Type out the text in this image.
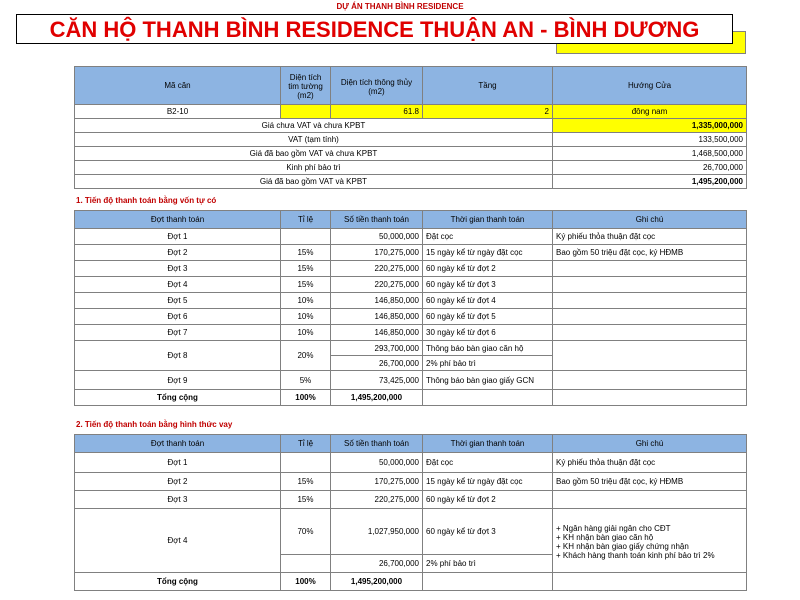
DỰ ÁN THANH BÌNH RESIDENCE
CĂN HỘ THANH BÌNH RESIDENCE THUẬN AN - BÌNH DƯƠNG
Mã căn	Diện tích tim tường (m2)	Diện tích thông thủy (m2)	Tầng	Hướng Cửa
B2-10		61.8	2	đông nam
Giá chưa VAT và chưa KPBT				1,335,000,000
VAT (tạm tính)				133,500,000
Giá đã bao gồm VAT và chưa KPBT				1,468,500,000
Kinh phí bảo trì				26,700,000
Giá đã bao gồm VAT và KPBT				1,495,200,000
1. Tiến độ thanh toán bằng vốn tự có
Đợt thanh toán	Tỉ lệ	Số tiền thanh toán	Thời gian thanh toán	Ghi chú
Đợt 1		50,000,000	Đặt cọc	Ký phiếu thỏa thuận đặt cọc
Đợt 2	15%	170,275,000	15 ngày kể từ ngày đặt cọc	Bao gồm 50 triệu đặt cọc, ký HĐMB
Đợt 3	15%	220,275,000	60 ngày kể từ đợt 2	
Đợt 4	15%	220,275,000	60 ngày kể từ đợt 3	
Đợt 5	10%	146,850,000	60 ngày kể từ đợt 4	
Đợt 6	10%	146,850,000	60 ngày kể từ đợt 5	
Đợt 7	10%	146,850,000	30 ngày kể từ đợt 6	
Đợt 8	20%	293,700,000	Thông báo bàn giao căn hộ	
		26,700,000	2% phí bảo trì	
Đợt 9	5%	73,425,000	Thông báo bàn giao giấy GCN	
Tổng cộng	100%	1,495,200,000		
2. Tiến độ thanh toán bằng hình thức vay
Đợt thanh toán	Tỉ lệ	Số tiền thanh toán	Thời gian thanh toán	Ghi chú
Đợt 1		50,000,000	Đặt cọc	Ký phiếu thỏa thuận đặt cọc
Đợt 2	15%	170,275,000	15 ngày kể từ ngày đặt cọc	Bao gồm 50 triệu đặt cọc, ký HĐMB
Đợt 3	15%	220,275,000	60 ngày kể từ đợt 2	
Đợt 4	70%	1,027,950,000	60 ngày kể từ đợt 3	+ Ngân hàng giải ngân cho CĐT
+ KH nhận bàn giao căn hộ
+ KH nhận bàn giao giấy chứng nhận
+ Khách hàng thanh toán kinh phí bảo trì 2%

		26,700,000	2% phí bảo trì	
Tổng cộng	100%	1,495,200,000		
